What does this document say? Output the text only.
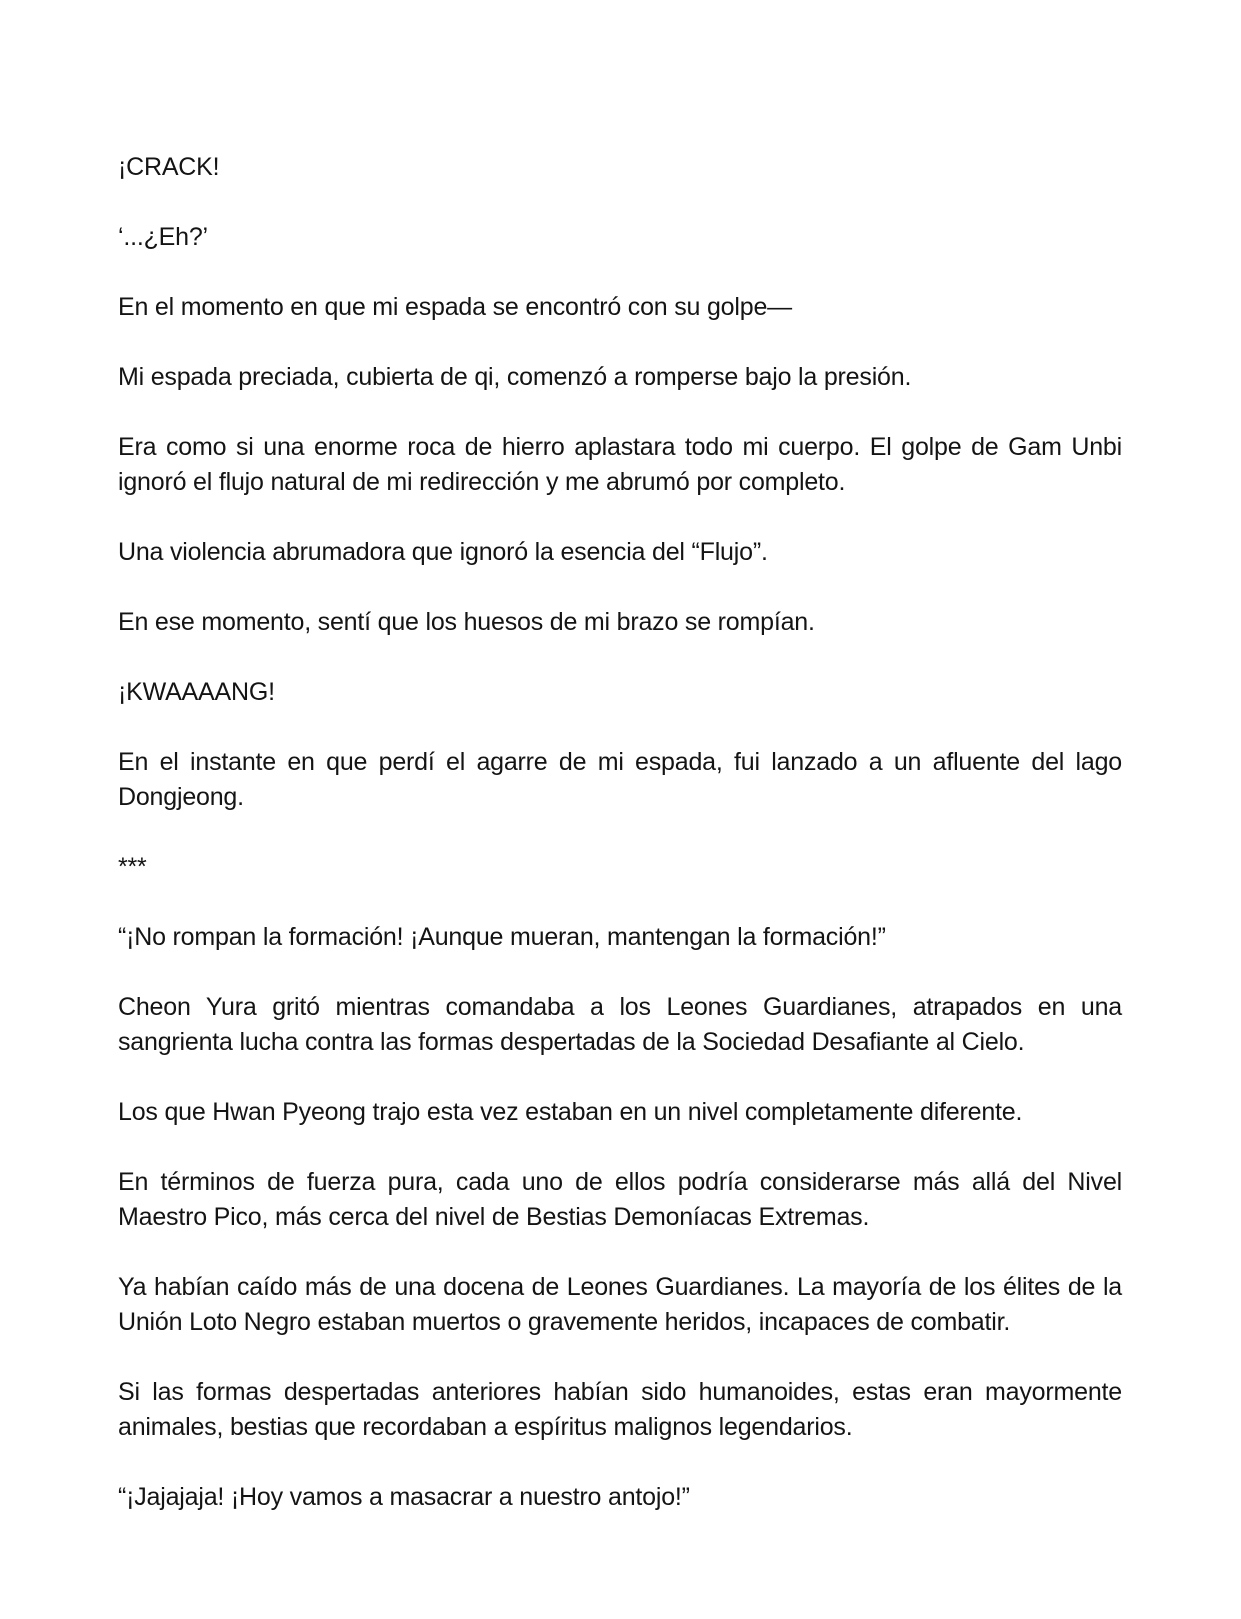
¡CRACK!

‘...¿Eh?’

En el momento en que mi espada se encontró con su golpe—

Mi espada preciada, cubierta de qi, comenzó a romperse bajo la presión.

Era como si una enorme roca de hierro aplastara todo mi cuerpo. El golpe de Gam Unbi ignoró el flujo natural de mi redirección y me abrumó por completo.

Una violencia abrumadora que ignoró la esencia del “Flujo”.

En ese momento, sentí que los huesos de mi brazo se rompían.

¡KWAAAANG!

En el instante en que perdí el agarre de mi espada, fui lanzado a un afluente del lago Dongjeong.

***

“¡No rompan la formación! ¡Aunque mueran, mantengan la formación!”

Cheon Yura gritó mientras comandaba a los Leones Guardianes, atrapados en una sangrienta lucha contra las formas despertadas de la Sociedad Desafiante al Cielo.

Los que Hwan Pyeong trajo esta vez estaban en un nivel completamente diferente.

En términos de fuerza pura, cada uno de ellos podría considerarse más allá del Nivel Maestro Pico, más cerca del nivel de Bestias Demoníacas Extremas.

Ya habían caído más de una docena de Leones Guardianes. La mayoría de los élites de la Unión Loto Negro estaban muertos o gravemente heridos, incapaces de combatir.

Si las formas despertadas anteriores habían sido humanoides, estas eran mayormente animales, bestias que recordaban a espíritus malignos legendarios.

“¡Jajajaja! ¡Hoy vamos a masacrar a nuestro antojo!”
